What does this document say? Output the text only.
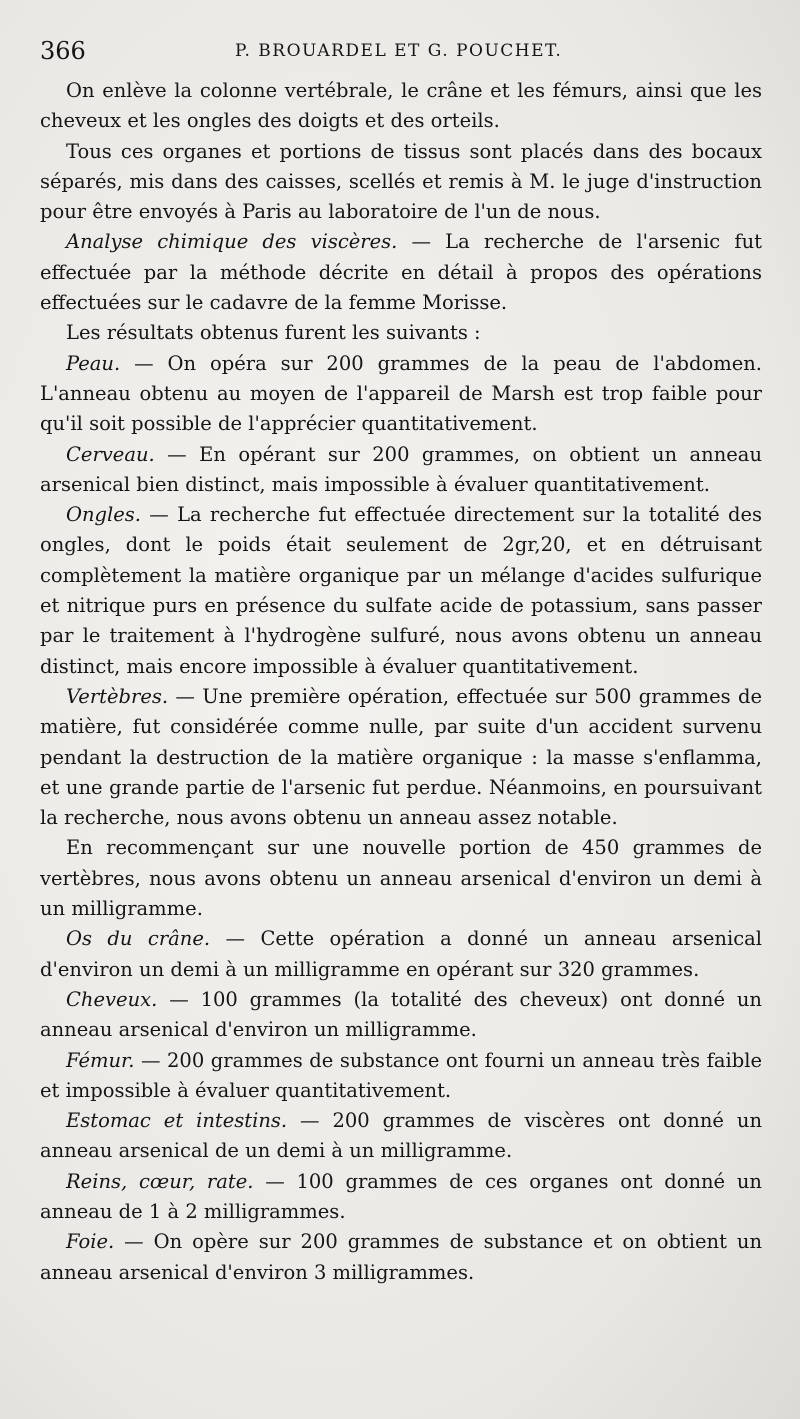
366	P. BROUARDEL ET G. POUCHET.

On enlève la colonne vertébrale, le crâne et les fémurs, ainsi que les cheveux et les ongles des doigts et des orteils.

Tous ces organes et portions de tissus sont placés dans des bocaux séparés, mis dans des caisses, scellés et remis à M. le juge d'instruction pour être envoyés à Paris au laboratoire de l'un de nous.

Analyse chimique des viscères. — La recherche de l'arsenic fut effectuée par la méthode décrite en détail à propos des opérations effectuées sur le cadavre de la femme Morisse.

Les résultats obtenus furent les suivants :

Peau. — On opéra sur 200 grammes de la peau de l'abdomen. L'anneau obtenu au moyen de l'appareil de Marsh est trop faible pour qu'il soit possible de l'apprécier quantitativement.

Cerveau. — En opérant sur 200 grammes, on obtient un anneau arsenical bien distinct, mais impossible à évaluer quantitativement.

Ongles. — La recherche fut effectuée directement sur la totalité des ongles, dont le poids était seulement de 2gr,20, et en détruisant complètement la matière organique par un mélange d'acides sulfurique et nitrique purs en présence du sulfate acide de potassium, sans passer par le traitement à l'hydrogène sulfuré, nous avons obtenu un anneau distinct, mais encore impossible à évaluer quantitativement.

Vertèbres. — Une première opération, effectuée sur 500 grammes de matière, fut considérée comme nulle, par suite d'un accident survenu pendant la destruction de la matière organique : la masse s'enflamma, et une grande partie de l'arsenic fut perdue. Néanmoins, en poursuivant la recherche, nous avons obtenu un anneau assez notable.

En recommençant sur une nouvelle portion de 450 grammes de vertèbres, nous avons obtenu un anneau arsenical d'environ un demi à un milligramme.

Os du crâne. — Cette opération a donné un anneau arsenical d'environ un demi à un milligramme en opérant sur 320 grammes.

Cheveux. — 100 grammes (la totalité des cheveux) ont donné un anneau arsenical d'environ un milligramme.

Fémur. — 200 grammes de substance ont fourni un anneau très faible et impossible à évaluer quantitativement.

Estomac et intestins. — 200 grammes de viscères ont donné un anneau arsenical de un demi à un milligramme.

Reins, cœur, rate. — 100 grammes de ces organes ont donné un anneau de 1 à 2 milligrammes.

Foie. — On opère sur 200 grammes de substance et on obtient un anneau arsenical d'environ 3 milligrammes.
